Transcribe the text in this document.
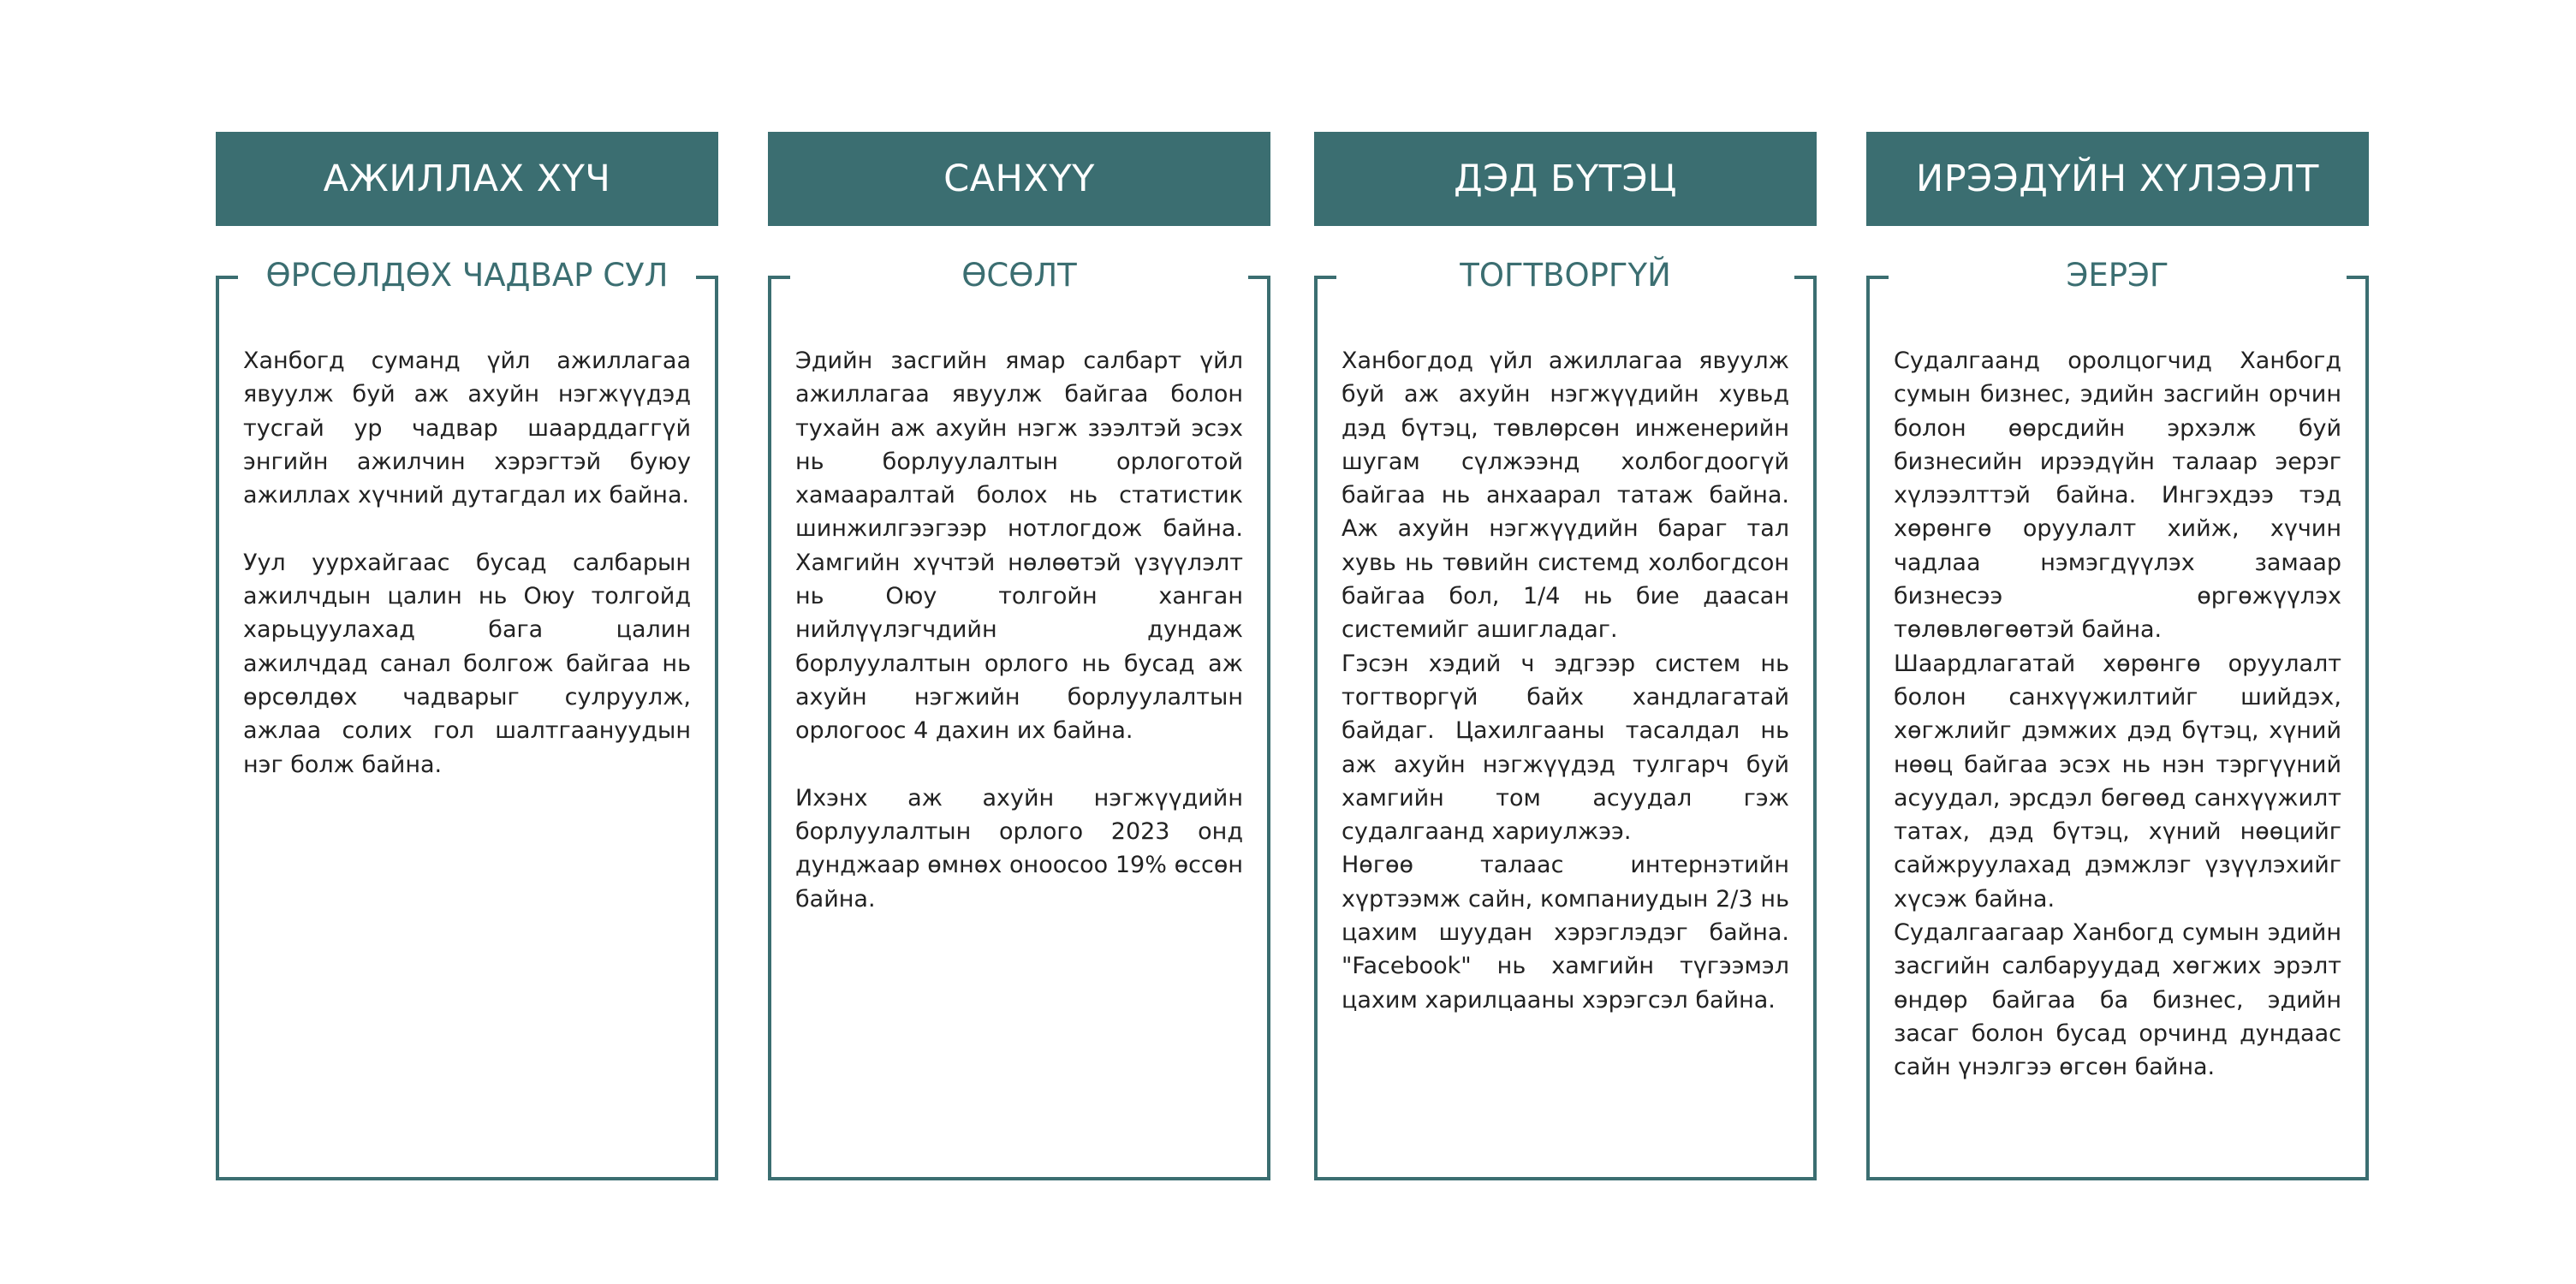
АЖИЛЛАХ ХҮЧ
ӨРСӨЛДӨХ ЧАДВАР СУЛ

Ханбогд суманд үйл ажиллагаа явуулж буй аж ахуйн нэгжүүдэд тусгай ур чадвар шаарддаггүй энгийн ажилчин хэрэгтэй буюу ажиллах хүчний дутагдал их байна.

Уул уурхайгаас бусад салбарын ажилчдын цалин нь Оюу толгойд харьцуулахад бага цалин ажилчдад санал болгож байгаа нь өрсөлдөх чадварыг сулруулж, ажлаа солих гол шалтгаануудын нэг болж байна.

САНХҮҮ
ӨСӨЛТ

Эдийн засгийн ямар салбарт үйл ажиллагаа явуулж байгаа болон тухайн аж ахуйн нэгж зээлтэй эсэх нь борлуулалтын орлоготой хамааралтай болох нь статистик шинжилгээгээр нотлогдож байна. Хамгийн хүчтэй нөлөөтэй үзүүлэлт нь Оюу толгойн ханган нийлүүлэгчдийн дундаж борлуулалтын орлого нь бусад аж ахуйн нэгжийн борлуулалтын орлогоос 4 дахин их байна.

Ихэнх аж ахуйн нэгжүүдийн борлуулалтын орлого 2023 онд дунджаар өмнөх оноосоо 19% өссөн байна.

ДЭД БҮТЭЦ
ТОГТВОРГҮЙ

Ханбогдод үйл ажиллагаа явуулж буй аж ахуйн нэгжүүдийн хувьд дэд бүтэц, төвлөрсөн инженерийн шугам сүлжээнд холбогдоогүй байгаа нь анхаарал татаж байна. Аж ахуйн нэгжүүдийн бараг тал хувь нь төвийн системд холбогдсон байгаа бол, 1/4 нь бие даасан системийг ашигладаг.

Гэсэн хэдий ч эдгээр систем нь тогтворгүй байх хандлагатай байдаг. Цахилгааны тасалдал нь аж ахуйн нэгжүүдэд тулгарч буй хамгийн том асуудал гэж судалгаанд хариулжээ.

Нөгөө талаас интернэтийн хүртээмж сайн, компаниудын 2/3 нь цахим шуудан хэрэглэдэг байна. "Facebook" нь хамгийн түгээмэл цахим харилцааны хэрэгсэл байна.

ИРЭЭДҮЙН ХҮЛЭЭЛТ
ЭЕРЭГ

Судалгаанд оролцогчид Ханбогд сумын бизнес, эдийн засгийн орчин болон өөрсдийн эрхэлж буй бизнесийн ирээдүйн талаар эерэг хүлээлттэй байна. Ингэхдээ тэд хөрөнгө оруулалт хийж, хүчин чадлаа нэмэгдүүлэх замаар бизнесээ өргөжүүлэх төлөвлөгөөтэй байна.

Шаардлагатай хөрөнгө оруулалт болон санхүүжилтийг шийдэх, хөгжлийг дэмжих дэд бүтэц, хүний нөөц байгаа эсэх нь нэн тэргүүний асуудал, эрсдэл бөгөөд санхүүжилт татах, дэд бүтэц, хүний нөөцийг сайжруулахад дэмжлэг үзүүлэхийг хүсэж байна.

Судалгаагаар Ханбогд сумын эдийн засгийн салбаруудад хөгжих эрэлт өндөр байгаа ба бизнес, эдийн засаг болон бусад орчинд дундаас сайн үнэлгээ өгсөн байна.
